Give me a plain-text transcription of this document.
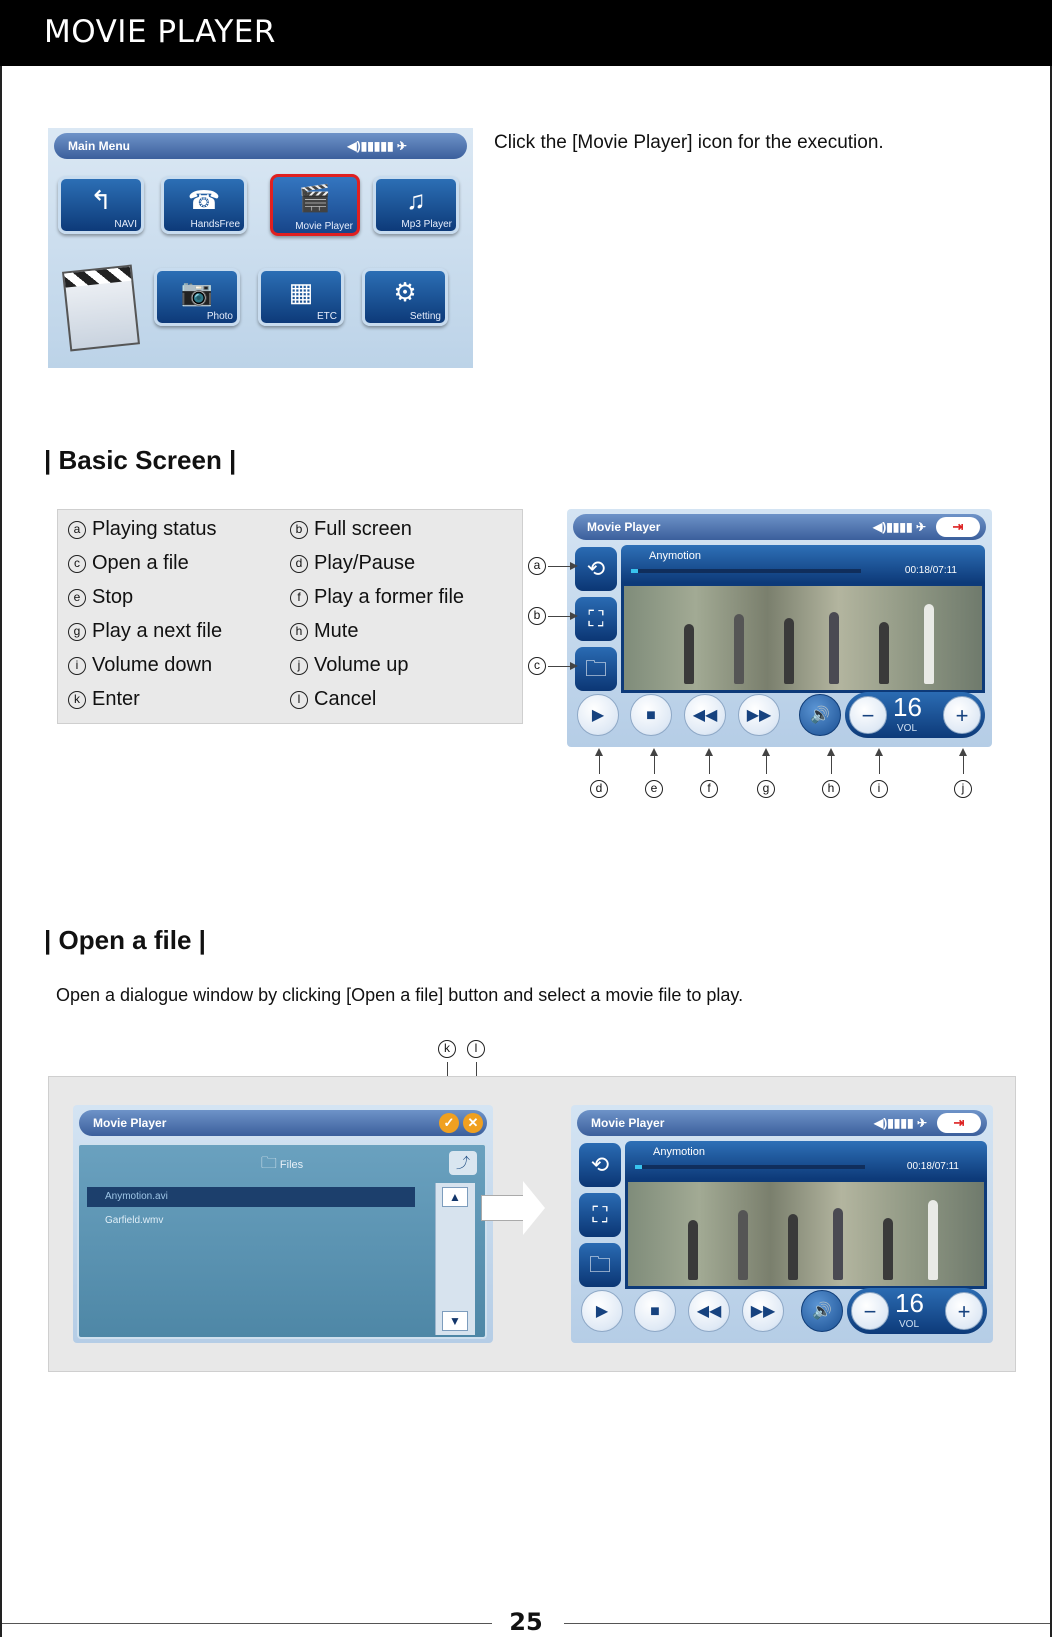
MOVIE PLAYER
Main Menu	◀)▮▮▮▮▮ ✈
↰
NAVI
☎
HandsFree
🎬
Movie Player
♫
Mp3 Player
📷
Photo
▦
ETC
⚙
Setting
Click the [Movie Player] icon for the execution.
| Basic Screen |
a Playing status	b Full screen
c Open a file	d Play/Pause
e Stop	f Play a former file
g Play a next file	h Mute
i Volume down	j Volume up
k Enter	l Cancel
Movie Player	◀)▮▮▮▮ ✈	⇥
⟲
⛶
🗀
Anymotion
00:18/07:11
▶	■	◀◀	▶▶	🔊	− 16
VOL
+
a
b
c
d	e	f	g	h	i	j
| Open a file |
Open a dialogue window by clicking [Open a file] button and select a movie file to play.
k	l
Movie Player	✓	✕
🗀 Files	⤴
Anymotion.avi
Garfield.wmv
▲
▼
Movie Player	◀)▮▮▮▮ ✈	⇥
⟲
⛶
🗀
Anymotion
00:18/07:11
▶	■	◀◀	▶▶	🔊	− 16
VOL
+
25
